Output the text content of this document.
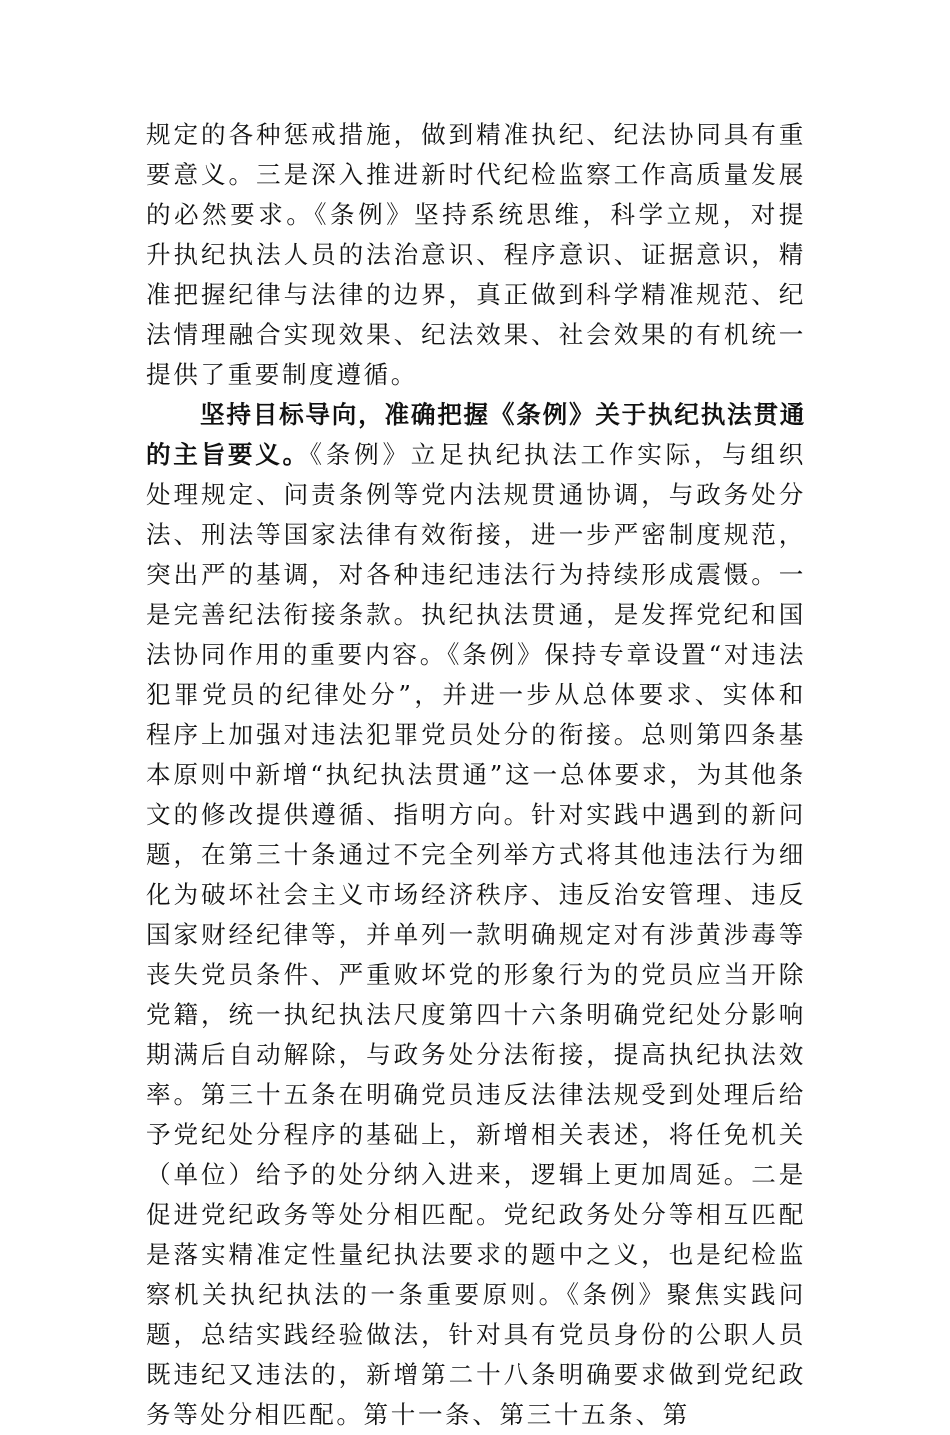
规定的各种惩戒措施，做到精准执纪、纪法协同具有重要意义。三是深入推进新时代纪检监察工作高质量发展的必然要求。《条例》坚持系统思维，科学立规，对提升执纪执法人员的法治意识、程序意识、证据意识，精准把握纪律与法律的边界，真正做到科学精准规范、纪法情理融合实现效果、纪法效果、社会效果的有机统一提供了重要制度遵循。

坚持目标导向，准确把握《条例》关于执纪执法贯通的主旨要义。《条例》立足执纪执法工作实际，与组织处理规定、问责条例等党内法规贯通协调，与政务处分法、刑法等国家法律有效衔接，进一步严密制度规范，突出严的基调，对各种违纪违法行为持续形成震慑。一是完善纪法衔接条款。执纪执法贯通，是发挥党纪和国法协同作用的重要内容。《条例》保持专章设置“对违法犯罪党员的纪律处分”，并进一步从总体要求、实体和程序上加强对违法犯罪党员处分的衔接。总则第四条基本原则中新增“执纪执法贯通”这一总体要求，为其他条文的修改提供遵循、指明方向。针对实践中遇到的新问题，在第三十条通过不完全列举方式将其他违法行为细化为破坏社会主义市场经济秩序、违反治安管理、违反国家财经纪律等，并单列一款明确规定对有涉黄涉毒等丧失党员条件、严重败坏党的形象行为的党员应当开除党籍，统一执纪执法尺度第四十六条明确党纪处分影响期满后自动解除，与政务处分法衔接，提高执纪执法效率。第三十五条在明确党员违反法律法规受到处理后给予党纪处分程序的基础上，新增相关表述，将任免机关（单位）给予的处分纳入进来，逻辑上更加周延。二是促进党纪政务等处分相匹配。党纪政务处分等相互匹配是落实精准定性量纪执法要求的题中之义，也是纪检监察机关执纪执法的一条重要原则。《条例》聚焦实践问题，总结实践经验做法，针对具有党员身份的公职人员既违纪又违法的，新增第二十八条明确要求做到党纪政务等处分相匹配。第十一条、第三十五条、第
